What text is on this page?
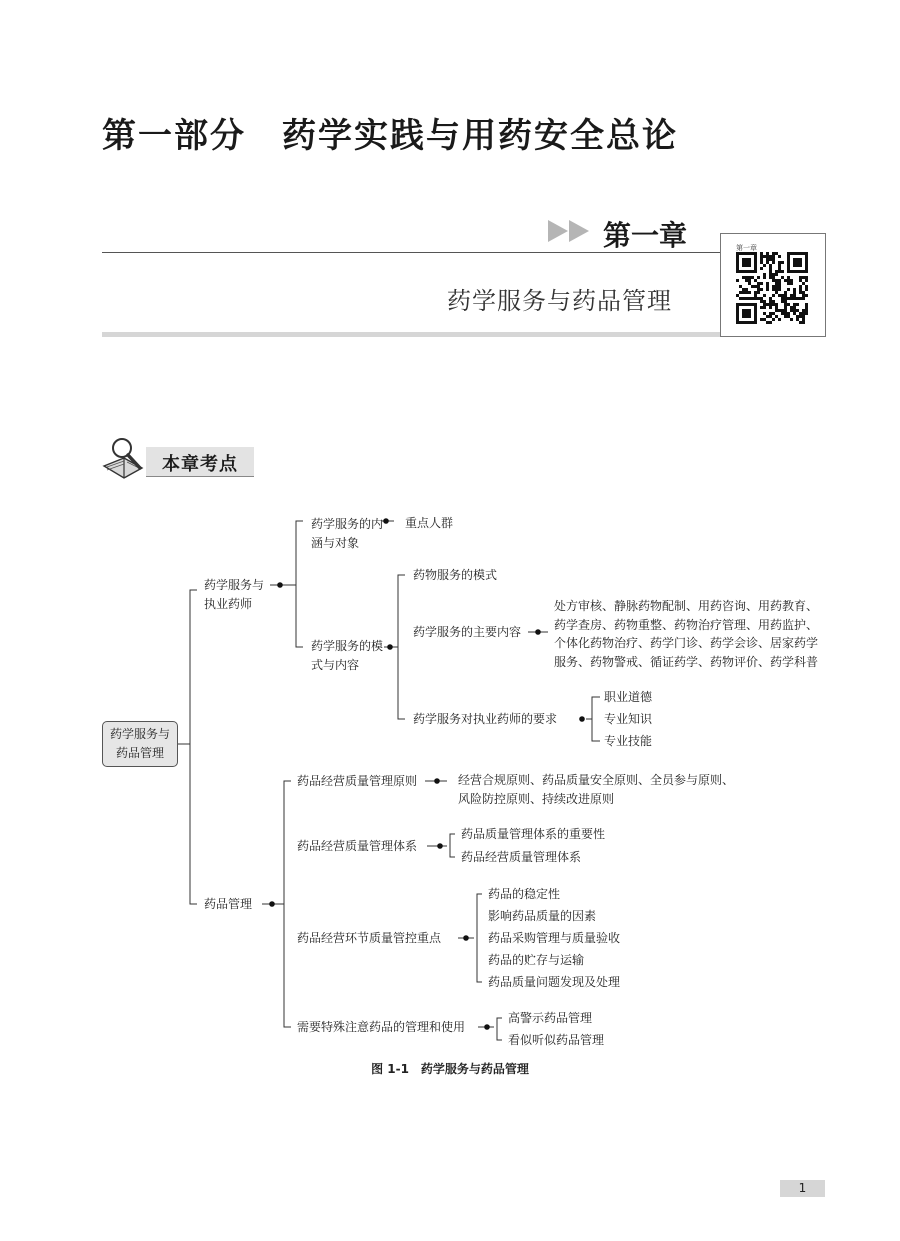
第一部分　药学实践与用药安全总论
第一章
药学服务与药品管理
第一章
本章考点
药学服务与药品管理
药学服务与执业药师
药学服务的内涵与对象
重点人群
药学服务的模式与内容
药物服务的模式
药学服务的主要内容
处方审核、静脉药物配制、用药咨询、用药教育、
药学查房、药物重整、药物治疗管理、用药监护、
个体化药物治疗、药学门诊、药学会诊、居家药学
服务、药物警戒、循证药学、药物评价、药学科普
药学服务对执业药师的要求
职业道德
专业知识
专业技能
药品管理
药品经营质量管理原则	经营合规原则、药品质量安全原则、全员参与原则、
风险防控原则、持续改进原则
药品经营质量管理体系
药品质量管理体系的重要性
药品经营质量管理体系
药品经营环节质量管控重点
药品的稳定性
影响药品质量的因素
药品采购管理与质量验收
药品的贮存与运输
药品质量问题发现及处理
需要特殊注意药品的管理和使用
高警示药品管理
看似听似药品管理
图 1-1　药学服务与药品管理
1
